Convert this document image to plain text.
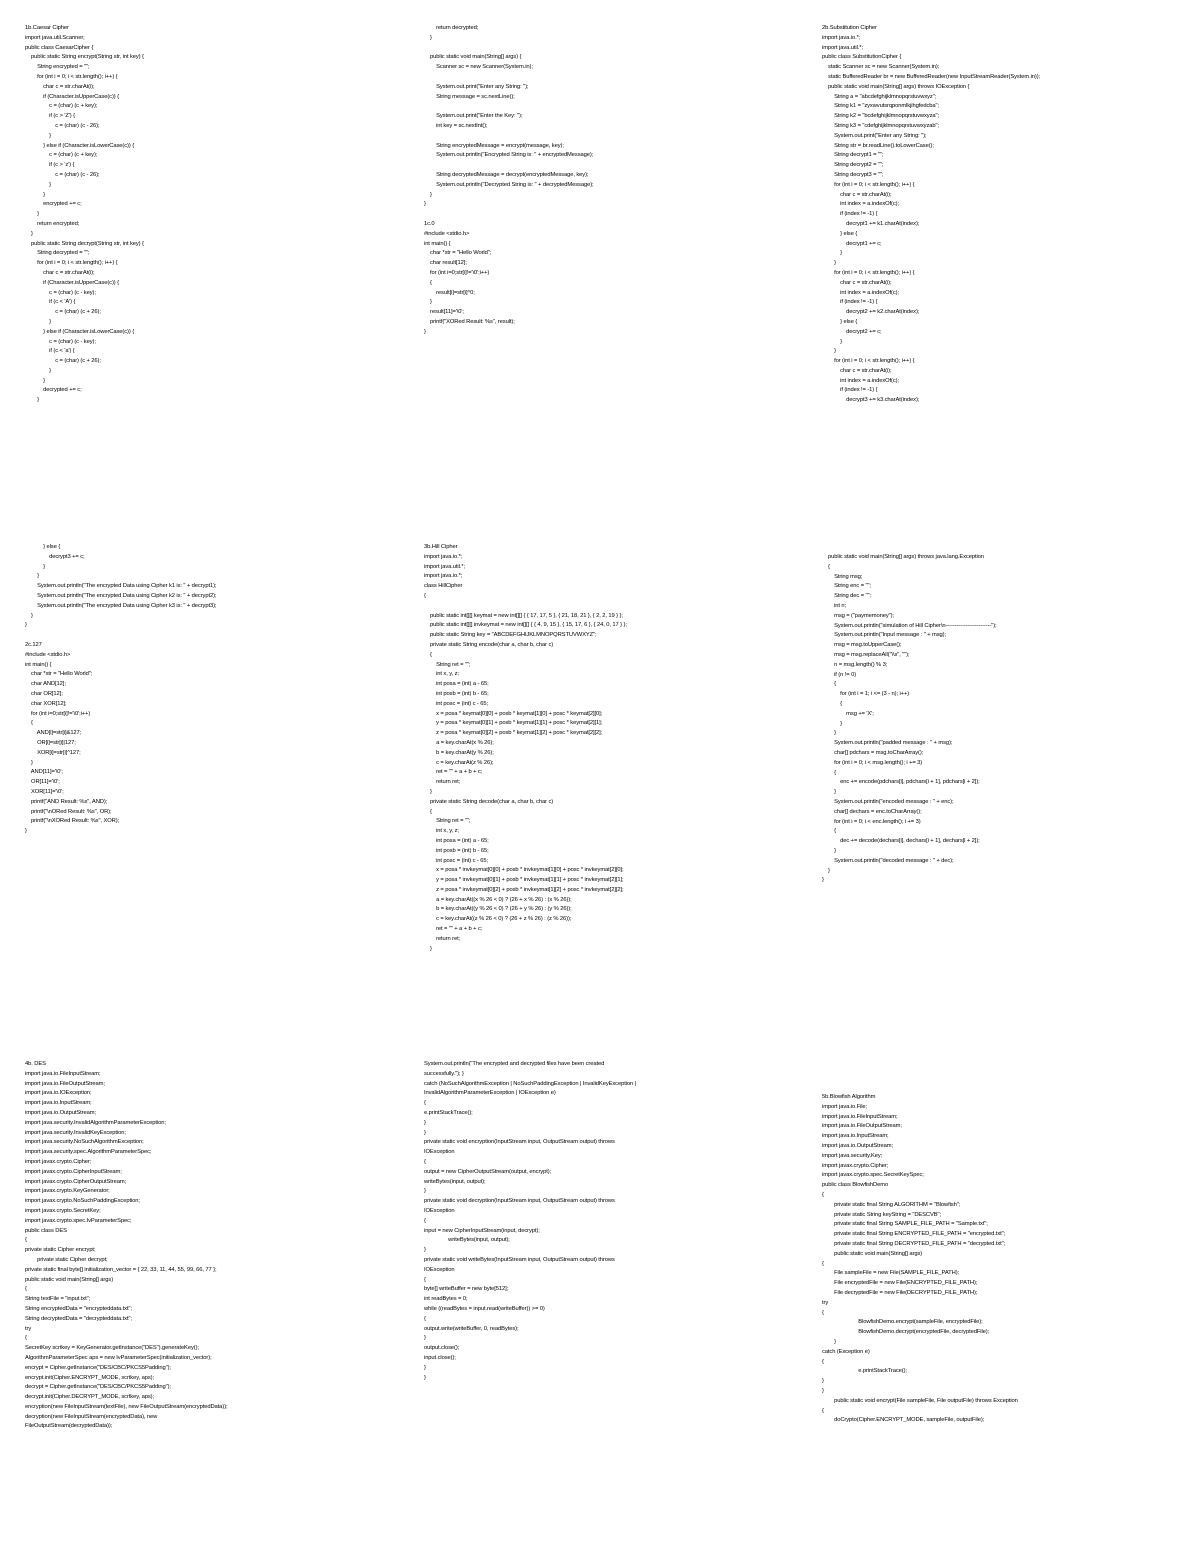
1b.Caesar Cipher
import java.util.Scanner;
public class CaesarCipher {
public static String encrypt(String str, int key) {
String encrypted = "";
for (int i = 0; i < str.length(); i++) {
char c = str.charAt(i);
if (Character.isUpperCase(c)) {
c = (char) (c + key);
if (c > 'Z') {
c = (char) (c - 26);
}
} else if (Character.isLowerCase(c)) {
c = (char) (c + key);
if (c > 'z') {
c = (char) (c - 26);
}
}
encrypted += c;
}
return encrypted;
}
public static String decrypt(String str, int key) {
String decrypted = "";
for (int i = 0; i < str.length(); i++) {
char c = str.charAt(i);
if (Character.isUpperCase(c)) {
c = (char) (c - key);
if (c < 'A') {
c = (char) (c + 26);
}
} else if (Character.isLowerCase(c)) {
c = (char) (c - key);
if (c < 'a') {
c = (char) (c + 26);
}
}
decrypted += c;
}
return decrypted;
}
public static void main(String[] args) {
Scanner sc = new Scanner(System.in);
System.out.print("Enter any String: ");
String message = sc.nextLine();
System.out.print("Enter the Key: ");
int key = sc.nextInt();
String encryptedMessage = encrypt(message, key);
System.out.println("Encrypted String is: " + encryptedMessage);
String decryptedMessage = decrypt(encryptedMessage, key);
System.out.println("Decrypted String is: " + decryptedMessage);
}
}
1c.0
#include <stdio.h>
int main() {
char *str = "Hello World";
char result[12];
for (int i=0;str[i]!='\0';i++)
{
result[i]=str[i]^0;
}
result[11]='\0';
printf("XORed Result: %s", result);
}
2b.Substitution Cipher
import java.io.*;
import java.util.*;
public class SubstitutionCipher {
static Scanner sc = new Scanner(System.in);
static BufferedReader br = new BufferedReader(new InputStreamReader(System.in));
public static void main(String[] args) throws IOException {
String a = "abcdefghijklmnopqrstuvwxyz";
String k1 = "zyxwvutsrqponmlkjihgfedcba";
String k2 = "bcdefghijklmnopqrstuvwxyza";
String k3 = "cdefghijklmnopqrstuvwxyzab";
System.out.print("Enter any String: ");
String str = br.readLine().toLowerCase();
String decrypt1 = "";
String decrypt2 = "";
String decrypt3 = "";
for (int i = 0; i < str.length(); i++) {
char c = str.charAt(i);
int index = a.indexOf(c);
if (index != -1) {
decrypt1 += k1.charAt(index);
} else {
decrypt1 += c;
}
}
for (int i = 0; i < str.length(); i++) {
char c = str.charAt(i);
int index = a.indexOf(c);
if (index != -1) {
decrypt2 += k2.charAt(index);
} else {
decrypt2 += c;
}
}
for (int i = 0; i < str.length(); i++) {
char c = str.charAt(i);
int index = a.indexOf(c);
if (index != -1) {
decrypt3 += k3.charAt(index);
} else {
decrypt3 += c;
}
}
System.out.println("The encrypted Data using Cipher k1 is: " + decrypt1);
System.out.println("The encrypted Data using Cipher k2 is: " + decrypt2);
System.out.println("The encrypted Data using Cipher k3 is: " + decrypt3);
}
}
2c.127
#include <stdio.h>
int main() {
char *str = "Hello World";
char AND[12];
char OR[12];
char XOR[12];
for (int i=0;str[i]!='\0';i++)
{
AND[i]=str[i]&127;
OR[i]=str[i]|127;
XOR[i]=str[i]^127;
}
AND[11]='\0';
OR[11]='\0';
XOR[11]='\0';
printf("AND Result: %s", AND);
printf("\nORed Result: %s", OR);
printf("\nXORed Result: %s", XOR);
}
3b.Hill Cipher
import java.io.*;
import java.util.*;
import java.io.*;
class HillCipher
{
public static int[][] keymat = new int[][] { { 17, 17, 5 }, { 21, 18, 21 }, { 2, 2, 19 } };
public static int[][] invkeymat = new int[][] { { 4, 9, 15 }, { 15, 17, 6 }, { 24, 0, 17 } };
public static String key = "ABCDEFGHIJKLMNOPQRSTUVWXYZ";
private static String encode(char a, char b, char c)
{
String ret = "";
int x, y, z;
int posa = (int) a - 65;
int posb = (int) b - 65;
int posc = (int) c - 65;
x = posa * keymat[0][0] + posb * keymat[1][0] + posc * keymat[2][0];
y = posa * keymat[0][1] + posb * keymat[1][1] + posc * keymat[2][1];
z = posa * keymat[0][2] + posb * keymat[1][2] + posc * keymat[2][2];
a = key.charAt(x % 26);
b = key.charAt(y % 26);
c = key.charAt(z % 26);
ret = "" + a + b + c;
return ret;
}
private static String decode(char a, char b, char c)
{
String ret = "";
int x, y, z;
int posa = (int) a - 65;
int posb = (int) b - 65;
int posc = (int) c - 65;
x = posa * invkeymat[0][0] + posb * invkeymat[1][0] + posc * invkeymat[2][0];
y = posa * invkeymat[0][1] + posb * invkeymat[1][1] + posc * invkeymat[2][1];
z = posa * invkeymat[0][2] + posb * invkeymat[1][2] + posc * invkeymat[2][2];
a = key.charAt((x % 26 < 0) ? (26 + x % 26) : (x % 26));
b = key.charAt((y % 26 < 0) ? (26 + y % 26) : (y % 26));
c = key.charAt((z % 26 < 0) ? (26 + z % 26) : (z % 26));
ret = "" + a + b + c;
return ret;
}
public static void main(String[] args) throws java.lang.Exception
{
String msg;
String enc = "";
String dec = "";
int n;
msg = ("paymemoney");
System.out.println("simulation of Hill Cipher\n-------------------------");
System.out.println("Input message : " + msg);
msg = msg.toUpperCase();
msg = msg.replaceAll("\\s", "");
n = msg.length() % 3;
if (n != 0)
{
for (int i = 1; i <= (3 - n); i++)
{
msg += 'X';
}
}
System.out.println("padded message : " + msg);
char[] pdchars = msg.toCharArray();
for (int i = 0; i < msg.length(); i += 3)
{
enc += encode(pdchars[i], pdchars[i + 1], pdchars[i + 2]);
}
System.out.println("encoded message : " + enc);
char[] dechars = enc.toCharArray();
for (int i = 0; i < enc.length(); i += 3)
{
dec += decode(dechars[i], dechars[i + 1], dechars[i + 2]);
}
System.out.println("decoded message : " + dec);
}
}
4b. DES
import java.io.FileInputStream;
import java.io.FileOutputStream;
import java.io.IOException;
import java.io.InputStream;
import java.io.OutputStream;
import java.security.InvalidAlgorithmParameterException;
import java.security.InvalidKeyException;
import java.security.NoSuchAlgorithmException;
import java.security.spec.AlgorithmParameterSpec;
import javax.crypto.Cipher;
import javax.crypto.CipherInputStream;
import javax.crypto.CipherOutputStream;
import javax.crypto.KeyGenerator;
import javax.crypto.NoSuchPaddingException;
import javax.crypto.SecretKey;
import javax.crypto.spec.IvParameterSpec;
public class DES
{
private static Cipher encrypt;
private static Cipher decrypt;
private static final byte[] initialization_vector = { 22, 33, 11, 44, 55, 99, 66, 77 };
public static void main(String[] args)
{
String textFile = "input.txt";
String encryptedData = "encrypteddata.txt";
String decryptedData = "decrypteddata.txt";
try
{
SecretKey scrtkey = KeyGenerator.getInstance("DES").generateKey();
AlgorithmParameterSpec aps = new IvParameterSpec(initialization_vector);
encrypt = Cipher.getInstance("DES/CBC/PKCS5Padding");
encrypt.init(Cipher.ENCRYPT_MODE, scrtkey, aps);
decrypt = Cipher.getInstance("DES/CBC/PKCS5Padding");
decrypt.init(Cipher.DECRYPT_MODE, scrtkey, aps);
encryption(new FileInputStream(textFile), new FileOutputStream(encryptedData));
decryption(new FileInputStream(encryptedData), new
FileOutputStream(decryptedData));
System.out.println("The encrypted and decrypted files have been created
successfully."); }
catch (NoSuchAlgorithmException | NoSuchPaddingException | InvalidKeyException |
InvalidAlgorithmParameterException | IOException e)
{
e.printStackTrace();
}
}
private static void encryption(InputStream input, OutputStream output) throws
IOException
{
output = new CipherOutputStream(output, encrypt);
writeBytes(input, output);
}
private static void decryption(InputStream input, OutputStream output) throws
IOException
{
input = new CipherInputStream(input, decrypt);
writeBytes(input, output);
}
private static void writeBytes(InputStream input, OutputStream output) throws
IOException
{
byte[] writeBuffer = new byte[512];
int readBytes = 0;
while ((readBytes = input.read(writeBuffer)) >= 0)
{
output.write(writeBuffer, 0, readBytes);
}
output.close();
input.close();
}
}
5b.Blowfish Algorithm
import java.io.File;
import java.io.FileInputStream;
import java.io.FileOutputStream;
import java.io.InputStream;
import java.io.OutputStream;
import java.security.Key;
import javax.crypto.Cipher;
import javax.crypto.spec.SecretKeySpec;
public class BlowfishDemo
{
private static final String ALGORITHM = "Blowfish";
private static String keyString = "DESCVB";
private static final String SAMPLE_FILE_PATH = "Sample.txt";
private static final String ENCRYPTED_FILE_PATH = "encrypted.txt";
private static final String DECRYPTED_FILE_PATH = "decrypted.txt";
public static void main(String[] args)
{
File sampleFile = new File(SAMPLE_FILE_PATH);
File encryptedFile = new File(ENCRYPTED_FILE_PATH);
File decryptedFile = new File(DECRYPTED_FILE_PATH);
try
{
BlowfishDemo.encrypt(sampleFile, encryptedFile);
BlowfishDemo.decrypt(encryptedFile, decryptedFile);
}
catch (Exception e)
{
e.printStackTrace();
}
}
public static void encrypt(File sampleFile, File outputFile) throws Exception
{
doCrypto(Cipher.ENCRYPT_MODE, sampleFile, outputFile);
